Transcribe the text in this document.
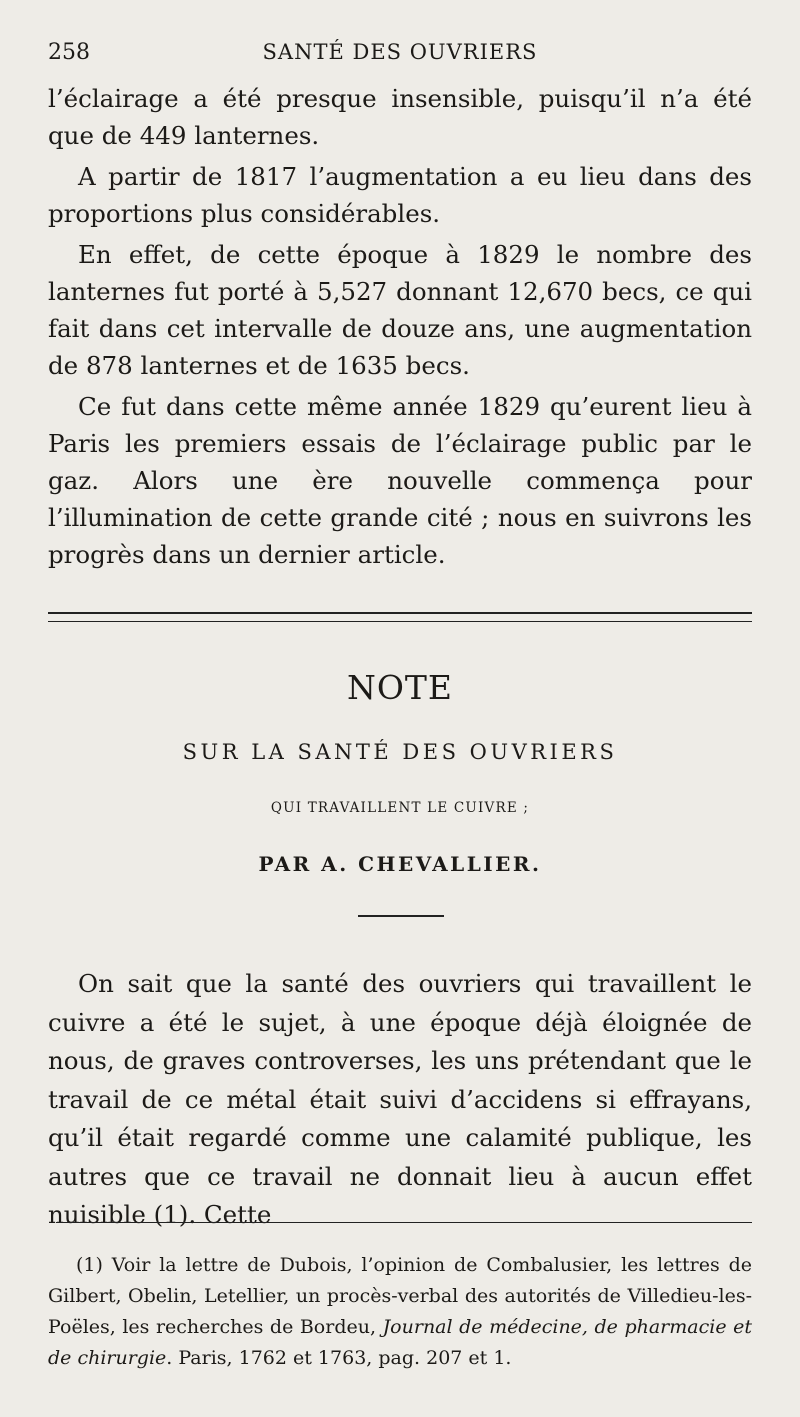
258	SANTÉ DES OUVRIERS

l’éclairage a été presque insensible, puisqu’il n’a été que de 449 lanternes.

A partir de 1817 l’augmentation a eu lieu dans des proportions plus considérables.

En effet, de cette époque à 1829 le nombre des lanternes fut porté à 5,527 donnant 12,670 becs, ce qui fait dans cet intervalle de douze ans, une augmentation de 878 lanternes et de 1635 becs.

Ce fut dans cette même année 1829 qu’eurent lieu à Paris les premiers essais de l’éclairage public par le gaz. Alors une ère nouvelle commença pour l’illumination de cette grande cité ; nous en suivrons les progrès dans un dernier article.

NOTE
SUR LA SANTÉ DES OUVRIERS
QUI TRAVAILLENT LE CUIVRE ;
PAR A. CHEVALLIER.

On sait que la santé des ouvriers qui travaillent le cuivre a été le sujet, à une époque déjà éloignée de nous, de graves controverses, les uns prétendant que le travail de ce métal était suivi d’accidens si effrayans, qu’il était regardé comme une calamité publique, les autres que ce travail ne donnait lieu à aucun effet nuisible (1). Cette

(1) Voir la lettre de Dubois, l’opinion de Combalusier, les lettres de Gilbert, Obelin, Letellier, un procès-verbal des autorités de Villedieu-les-Poëles, les recherches de Bordeu, Journal de médecine, de pharmacie et de chirurgie. Paris, 1762 et 1763, pag. 207 et 1.
